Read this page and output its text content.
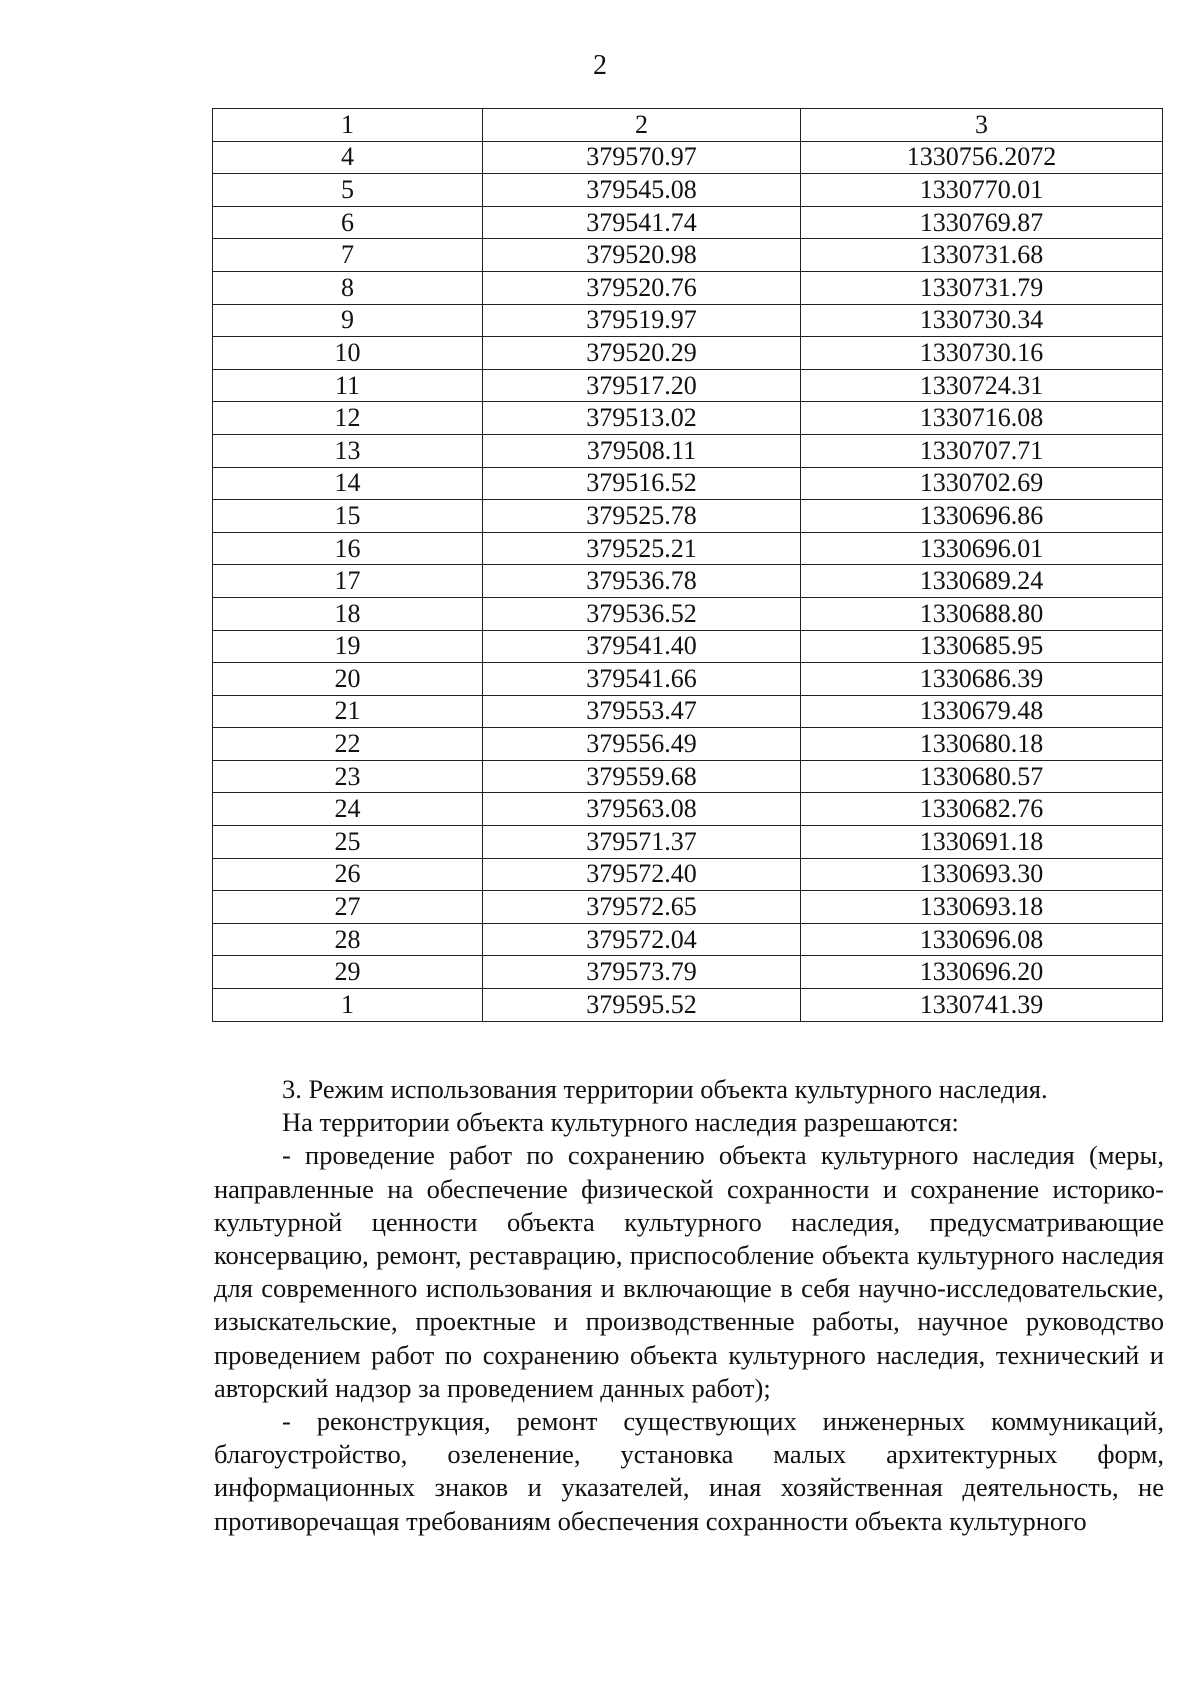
2
1	2	3
4	379570.97	1330756.2072
5	379545.08	1330770.01
6	379541.74	1330769.87
7	379520.98	1330731.68
8	379520.76	1330731.79
9	379519.97	1330730.34
10	379520.29	1330730.16
11	379517.20	1330724.31
12	379513.02	1330716.08
13	379508.11	1330707.71
14	379516.52	1330702.69
15	379525.78	1330696.86
16	379525.21	1330696.01
17	379536.78	1330689.24
18	379536.52	1330688.80
19	379541.40	1330685.95
20	379541.66	1330686.39
21	379553.47	1330679.48
22	379556.49	1330680.18
23	379559.68	1330680.57
24	379563.08	1330682.76
25	379571.37	1330691.18
26	379572.40	1330693.30
27	379572.65	1330693.18
28	379572.04	1330696.08
29	379573.79	1330696.20
1	379595.52	1330741.39

3. Режим использования территории объекта культурного наследия.

На территории объекта культурного наследия разрешаются:

- проведение работ по сохранению объекта культурного наследия (меры, направленные на обеспечение физической сохранности и сохранение историко-культурной ценности объекта культурного наследия, предусматривающие консервацию, ремонт, реставрацию, приспособление объекта культурного наследия для современного использования и включающие в себя научно-исследовательские, изыскательские, проектные и производственные работы, научное руководство проведением работ по сохранению объекта культурного наследия, технический и авторский надзор за проведением данных работ);

- реконструкция, ремонт существующих инженерных коммуникаций, благоустройство, озеленение, установка малых архитектурных форм, информационных знаков и указателей, иная хозяйственная деятельность, не противоречащая требованиям обеспечения сохранности объекта культурного
